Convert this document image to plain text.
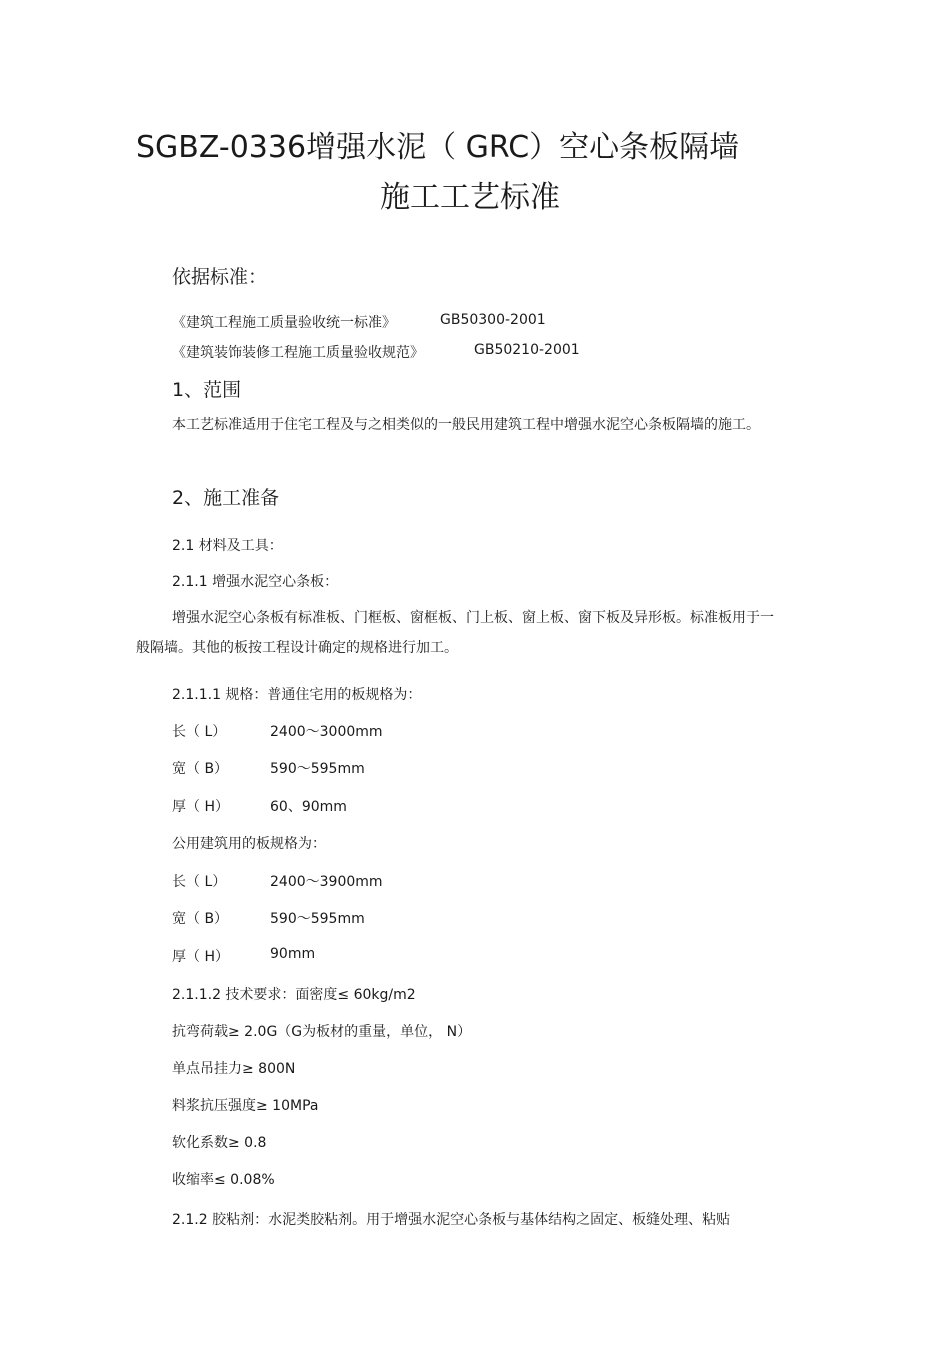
SGBZ-0336增强水泥（ GRC）空心条板隔墙
施工工艺标准
依据标准：
《建筑工程施工质量验收统一标准》	GB50300-2001
《建筑装饰装修工程施工质量验收规范》	GB50210-2001
1、范围
本工艺标准适用于住宅工程及与之相类似的一般民用建筑工程中增强水泥空心条板隔墙的施工。
2、施工准备
2.1 材料及工具：
2.1.1 增强水泥空心条板：
增强水泥空心条板有标准板、门框板、窗框板、门上板、窗上板、窗下板及异形板。标准板用于一般隔墙。其他的板按工程设计确定的规格进行加工。
2.1.1.1 规格：普通住宅用的板规格为：
长（ L）	2400～3000mm
宽（ B）	590～595mm
厚（ H）	60、90mm
公用建筑用的板规格为：
长（ L）	2400～3900mm
宽（ B）	590～595mm
厚（ H）	90mm
2.1.1.2 技术要求：面密度≤ 60kg/m2
抗弯荷载≥ 2.0G（G为板材的重量，单位， N）
单点吊挂力≥ 800N
料浆抗压强度≥ 10MPa
软化系数≥ 0.8
收缩率≤ 0.08%
2.1.2 胶粘剂：水泥类胶粘剂。用于增强水泥空心条板与基体结构之固定、板缝处理、粘贴
